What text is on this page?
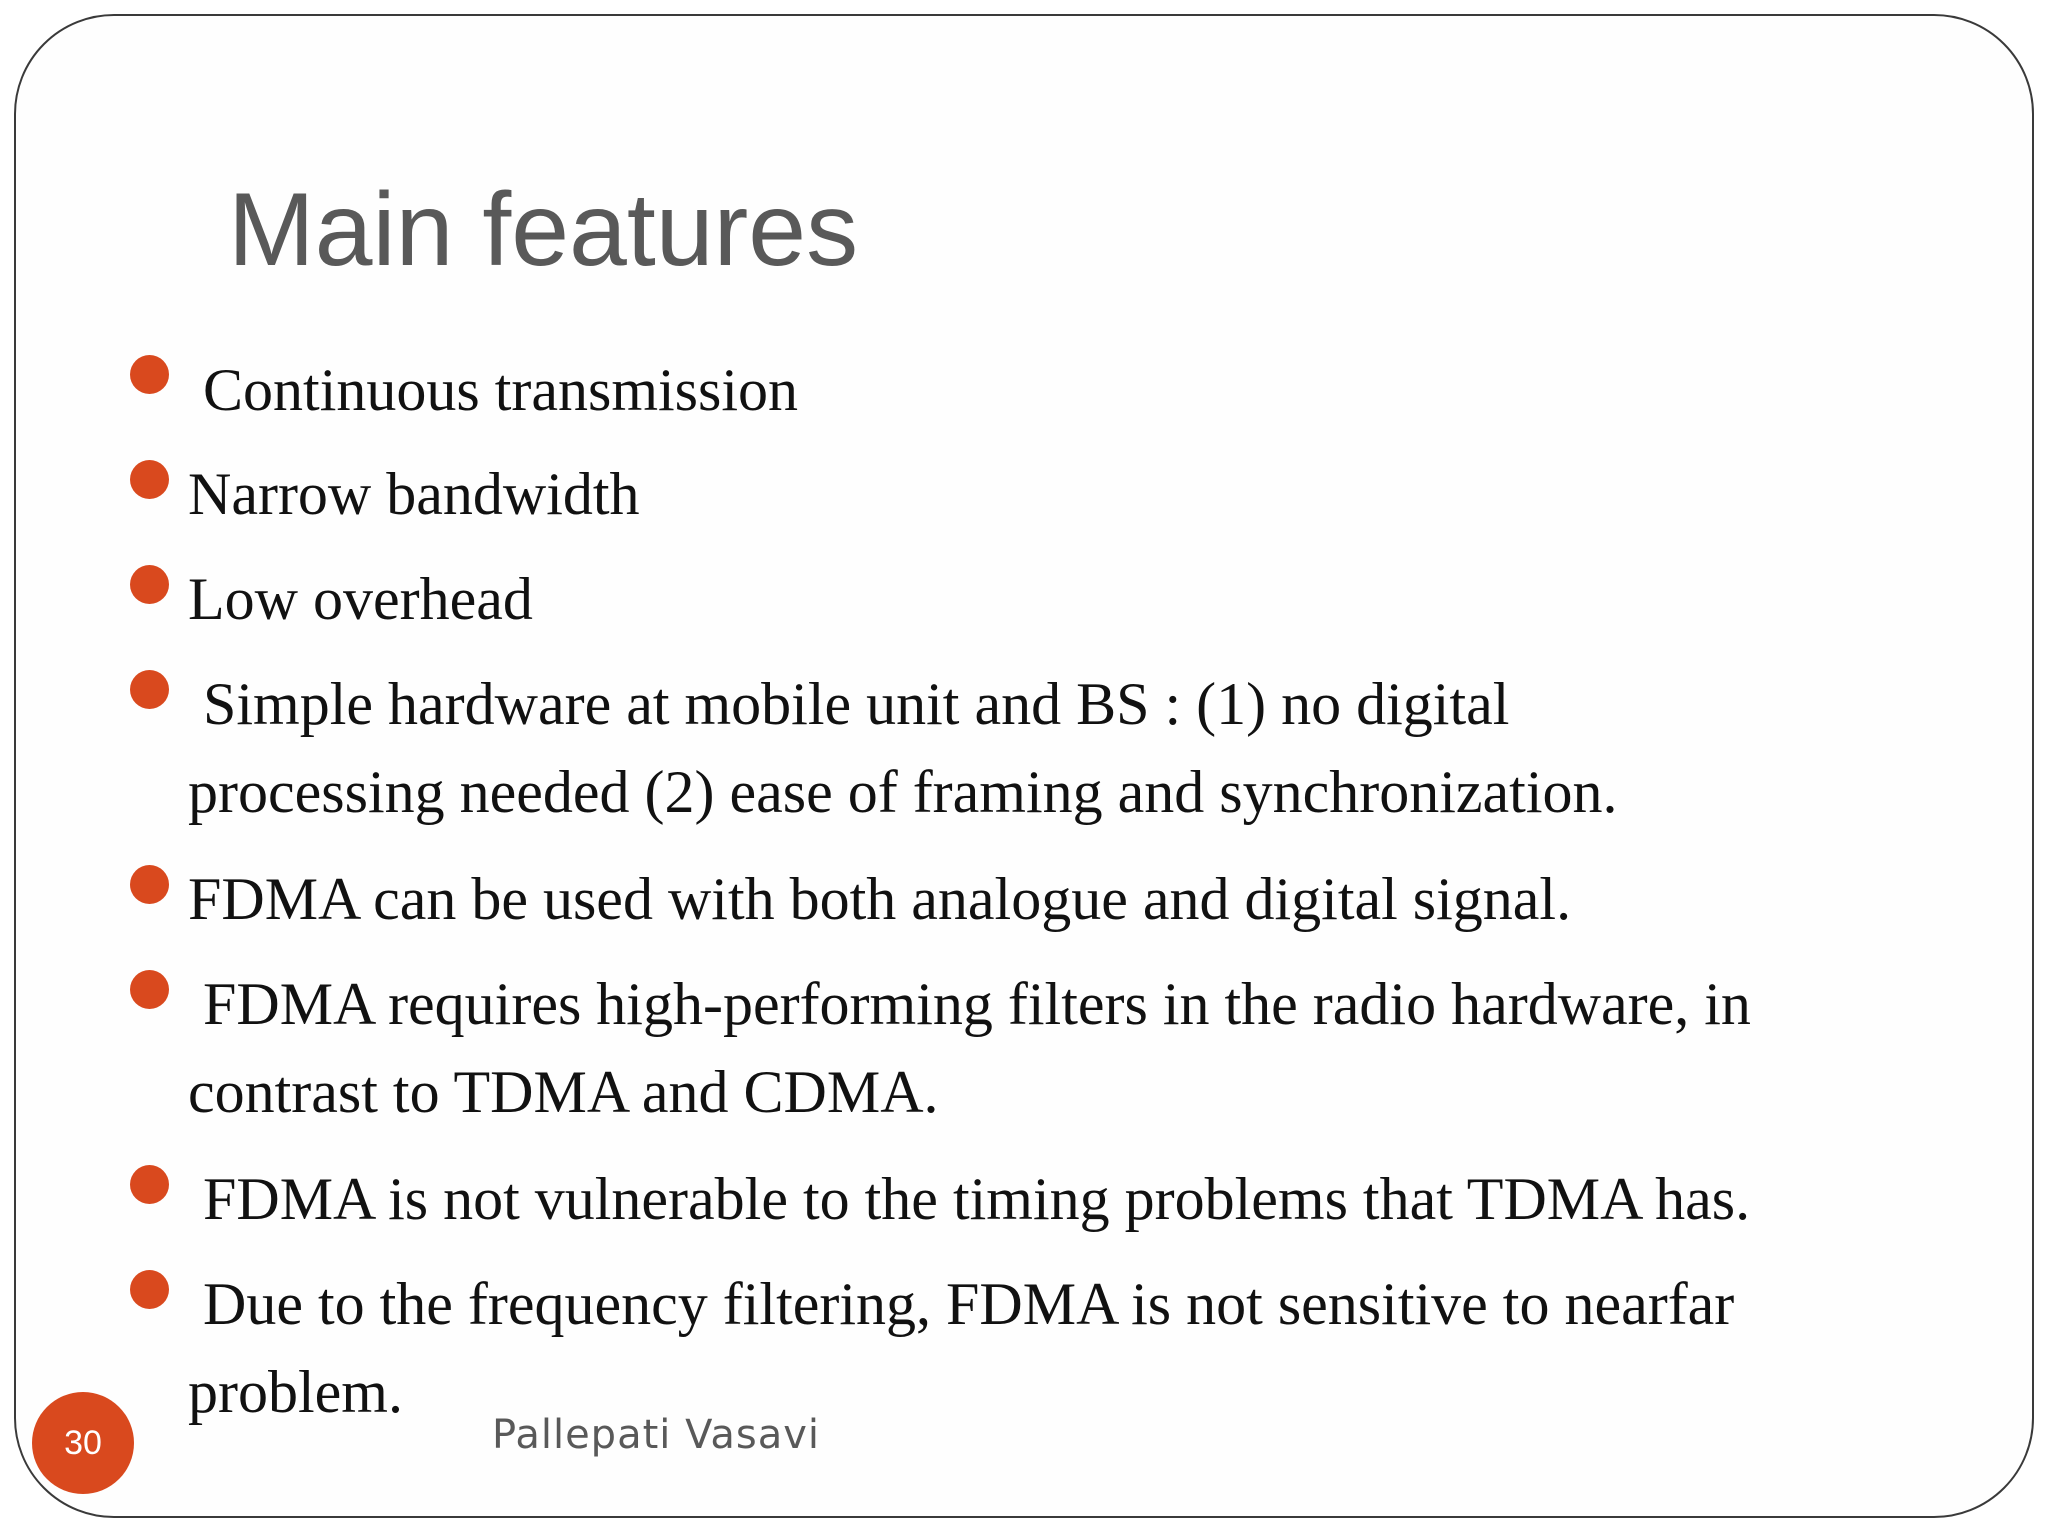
Main features
Continuous transmission
Narrow bandwidth
Low overhead
Simple hardware at mobile unit and BS : (1) no digital
processing needed (2) ease of framing and synchronization.
FDMA can be used with both analogue and digital signal.
FDMA requires high-performing filters in the radio hardware, in
contrast to TDMA and CDMA.
FDMA is not vulnerable to the timing problems that TDMA has.
Due to the frequency filtering, FDMA is not sensitive to nearfar
problem.
Pallepati Vasavi
30
